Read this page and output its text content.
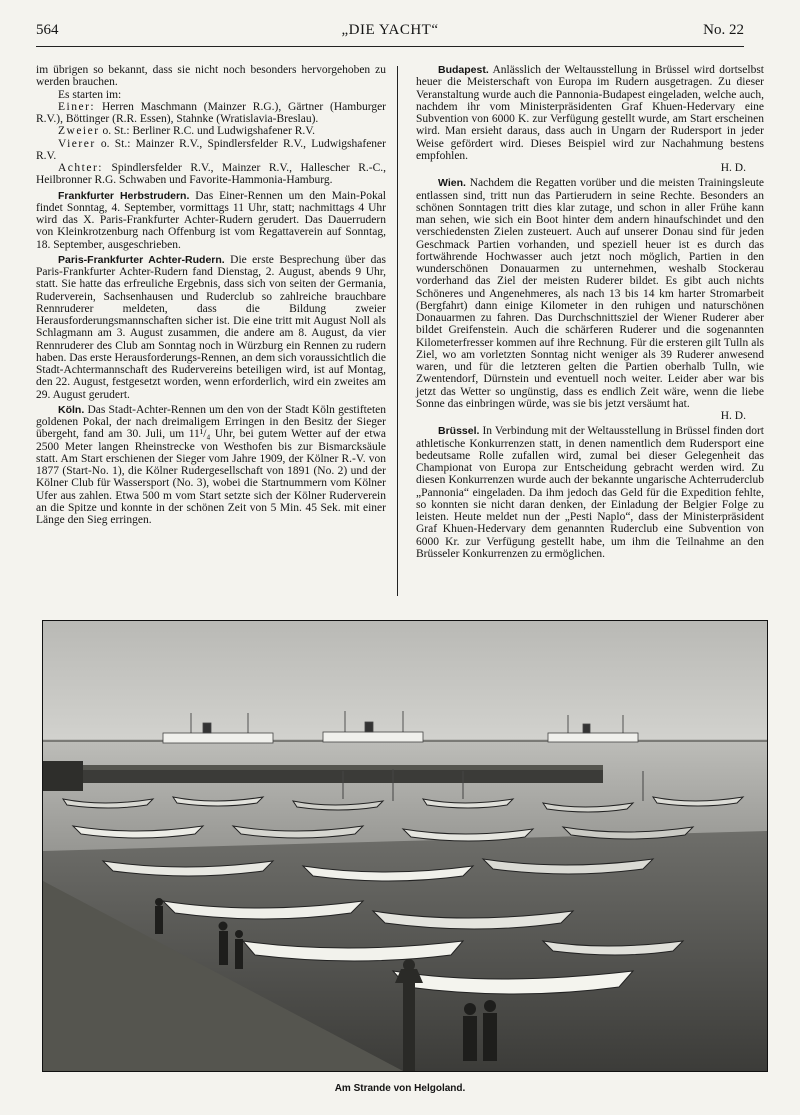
564	„DIE YACHT“	No. 22

im übrigen so bekannt, dass sie nicht noch besonders hervorgehoben zu werden brauchen.

Es starten im:

Einer: Herren Maschmann (Mainzer R.G.), Gärtner (Hamburger R.V.), Böttinger (R.R. Essen), Stahnke (Wratislavia-Breslau).

Zweier o. St.: Berliner R.C. und Ludwigshafener R.V.

Vierer o. St.: Mainzer R.V., Spindlersfelder R.V., Ludwigshafener R.V.

Achter: Spindlersfelder R.V., Mainzer R.V., Hallescher R.-C., Heilbronner R.G. Schwaben und Favorite-Hammonia-Hamburg.

Frankfurter Herbstrudern. Das Einer-Rennen um den Main-Pokal findet Sonntag, 4. September, vormittags 11 Uhr, statt; nachmittags 4 Uhr wird das X. Paris-Frankfurter Achter-Rudern gerudert. Das Dauerrudern von Kleinkrotzenburg nach Offenburg ist vom Regattaverein auf Sonntag, 18. September, ausgeschrieben.

Paris-Frankfurter Achter-Rudern. Die erste Besprechung über das Paris-Frankfurter Achter-Rudern fand Dienstag, 2. August, abends 9 Uhr, statt. Sie hatte das erfreuliche Ergebnis, dass sich von seiten der Germania, Ruderverein, Sachsenhausen und Ruderclub so zahlreiche brauchbare Rennruderer meldeten, dass die Bildung zweier Herausforderungsmannschaften sicher ist. Die eine tritt mit August Noll als Schlagmann am 3. August zusammen, die andere am 8. August, da vier Rennruderer des Club am Sonntag noch in Würzburg ein Rennen zu rudern haben. Das erste Herausforderungs-Rennen, an dem sich voraussichtlich die Stadt-Achtermannschaft des Rudervereins beteiligen wird, ist auf Montag, den 22. August, festgesetzt worden, wenn erforderlich, wird ein zweites am 29. August gerudert.

Köln. Das Stadt-Achter-Rennen um den von der Stadt Köln gestifteten goldenen Pokal, der nach dreimaligem Erringen in den Besitz der Sieger übergeht, fand am 30. Juli, um 11¹/₄ Uhr, bei gutem Wetter auf der etwa 2500 Meter langen Rheinstrecke von Westhofen bis zur Bismarcksäule statt. Am Start erschienen der Sieger vom Jahre 1909, der Kölner R.-V. von 1877 (Start-No. 1), die Kölner Rudergesellschaft von 1891 (No. 2) und der Kölner Club für Wassersport (No. 3), wobei die Startnummern vom Kölner Ufer aus zahlen. Etwa 500 m vom Start setzte sich der Kölner Ruderverein an die Spitze und konnte in der schönen Zeit von 5 Min. 45 Sek. mit einer Länge den Sieg erringen.

Budapest. Anlässlich der Weltausstellung in Brüssel wird dortselbst heuer die Meisterschaft von Europa im Rudern ausgetragen. Zu dieser Veranstaltung wurde auch die Pannonia-Budapest eingeladen, welche auch, nachdem ihr vom Ministerpräsidenten Graf Khuen-Hedervary eine Subvention von 6000 K. zur Verfügung gestellt wurde, am Start erscheinen wird. Man ersieht daraus, dass auch in Ungarn der Rudersport in jeder Weise gefördert wird. Dieses Beispiel wird zur Nachahmung bestens empfohlen.
H. D.

Wien. Nachdem die Regatten vorüber und die meisten Trainingsleute entlassen sind, tritt nun das Partierudern in seine Rechte. Besonders an schönen Sonntagen tritt dies klar zutage, und schon in aller Frühe kann man sehen, wie sich ein Boot hinter dem andern hinaufschindet und den verschiedensten Zielen zusteuert. Auch auf unserer Donau sind für jeden Geschmack Partien vorhanden, und speziell heuer ist es durch das fortwährende Hochwasser auch jetzt noch möglich, Partien in den wunderschönen Donauarmen zu unternehmen, weshalb Stockerau vorderhand das Ziel der meisten Ruderer bildet. Es gibt auch nichts Schöneres und Angenehmeres, als nach 13 bis 14 km harter Stromarbeit (Bergfahrt) dann einige Kilometer in den ruhigen und naturschönen Donauarmen zu fahren. Das Durchschnittsziel der Wiener Ruderer aber bildet Greifenstein. Auch die schärferen Ruderer und die sogenannten Kilometerfresser kommen auf ihre Rechnung. Für die ersteren gilt Tulln als Ziel, wo am vorletzten Sonntag nicht weniger als 39 Ruderer anwesend waren, und für die letzteren gelten die Partien oberhalb Tulln, wie Zwentendorf, Dürnstein und eventuell noch weiter. Leider aber war bis jetzt das Wetter so ungünstig, dass es endlich Zeit wäre, wenn die liebe Sonne das einbringen würde, was sie bis jetzt versäumt hat.
H. D.

Brüssel. In Verbindung mit der Weltausstellung in Brüssel finden dort athletische Konkurrenzen statt, in denen namentlich dem Rudersport eine bedeutsame Rolle zufallen wird, zumal bei dieser Gelegenheit das Championat von Europa zur Entscheidung gebracht werden wird. Zu diesen Konkurrenzen wurde auch der bekannte ungarische Achterruderclub „Pannonia“ eingeladen. Da ihm jedoch das Geld für die Expedition fehlte, so konnten sie nicht daran denken, der Einladung der Belgier Folge zu leisten. Heute meldet nun der „Pesti Naplo“, dass der Ministerpräsident Graf Khuen-Hedervary dem genannten Ruderclub eine Subvention von 6000 Kr. zur Verfügung gestellt habe, um ihm die Teilnahme an den Brüsseler Konkurrenzen zu ermöglichen.

Am Strande von Helgoland.
